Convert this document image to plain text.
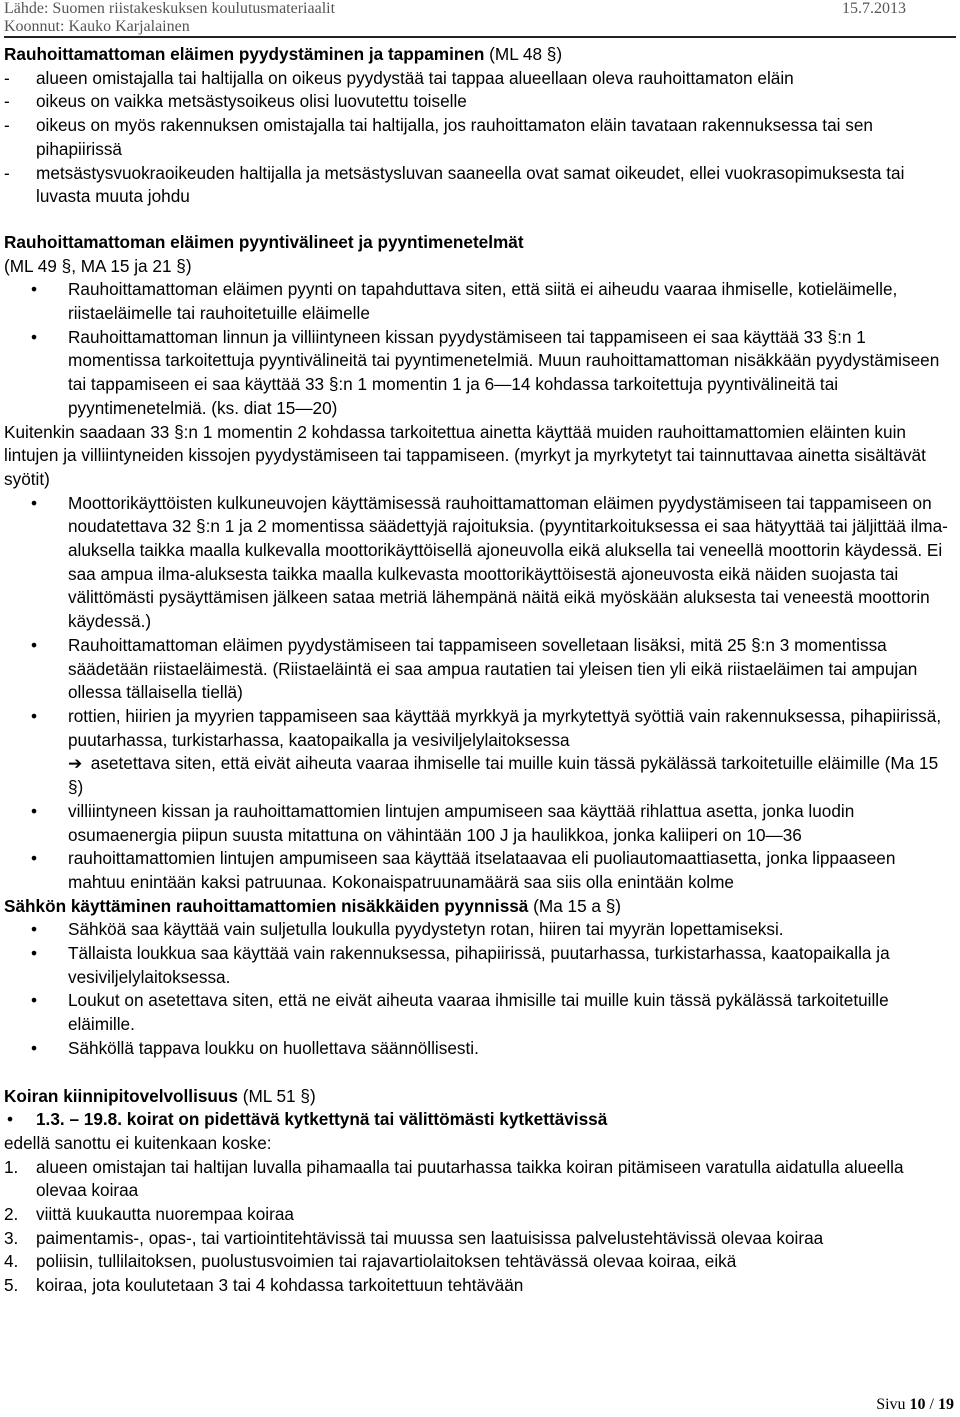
Lähde: Suomen riistakeskuksen koulutusmateriaalit	15.7.2013
Koonnut: Kauko Karjalainen

Rauhoittamattoman eläimen pyydystäminen ja tappaminen (ML 48 §)

- alueen omistajalla tai haltijalla on oikeus pyydystää tai tappaa alueellaan oleva rauhoittamaton eläin
- oikeus on vaikka metsästysoikeus olisi luovutettu toiselle
- oikeus on myös rakennuksen omistajalla tai haltijalla, jos rauhoittamaton eläin tavataan rakennuksessa tai sen pihapiirissä
- metsästysvuokraoikeuden haltijalla ja metsästysluvan saaneella ovat samat oikeudet, ellei vuokrasopimuksesta tai luvasta muuta johdu

Rauhoittamattoman eläimen pyyntivälineet ja pyyntimenetelmät

(ML 49 §, MA 15 ja 21 §)

• Rauhoittamattoman eläimen pyynti on tapahduttava siten, että siitä ei aiheudu vaaraa ihmiselle, kotieläimelle, riistaeläimelle tai rauhoitetuille eläimelle
• Rauhoittamattoman linnun ja villiintyneen kissan pyydystämiseen tai tappamiseen ei saa käyttää 33 §:n 1 momentissa tarkoitettuja pyyntivälineitä tai pyyntimenetelmiä. Muun rauhoittamattoman nisäkkään pyydystämiseen tai tappamiseen ei saa käyttää 33 §:n 1 momentin 1 ja 6—14 kohdassa tarkoitettuja pyyntivälineitä tai pyyntimenetelmiä. (ks. diat 15—20)

Kuitenkin saadaan 33 §:n 1 momentin 2 kohdassa tarkoitettua ainetta käyttää muiden rauhoittamattomien eläinten kuin lintujen ja villiintyneiden kissojen pyydystämiseen tai tappamiseen. (myrkyt ja myrkytetyt tai tainnuttavaa ainetta sisältävät syötit)

• Moottorikäyttöisten kulkuneuvojen käyttämisessä rauhoittamattoman eläimen pyydystämiseen tai tappamiseen on noudatettava 32 §:n 1 ja 2 momentissa säädettyjä rajoituksia. (pyyntitarkoituksessa ei saa hätyyttää tai jäljittää ilma-aluksella taikka maalla kulkevalla moottorikäyttöisellä ajoneuvolla eikä aluksella tai veneellä moottorin käydessä. Ei saa ampua ilma-aluksesta taikka maalla kulkevasta moottorikäyttöisestä ajoneuvosta eikä näiden suojasta tai välittömästi pysäyttämisen jälkeen sataa metriä lähempänä näitä eikä myöskään aluksesta tai veneestä moottorin käydessä.)
• Rauhoittamattoman eläimen pyydystämiseen tai tappamiseen sovelletaan lisäksi, mitä 25 §:n 3 momentissa säädetään riistaeläimestä. (Riistaeläintä ei saa ampua rautatien tai yleisen tien yli eikä riistaeläimen tai ampujan ollessa tällaisella tiellä)
• rottien, hiirien ja myyrien tappamiseen saa käyttää myrkkyä ja myrkytettyä syöttiä vain rakennuksessa, pihapiirissä, puutarhassa, turkistarhassa, kaatopaikalla ja vesiviljelylaitoksessa
➔ asetettava siten, että eivät aiheuta vaaraa ihmiselle tai muille kuin tässä pykälässä tarkoitetuille eläimille (Ma 15 §)
• villiintyneen kissan ja rauhoittamattomien lintujen ampumiseen saa käyttää rihlattua asetta, jonka luodin osumaenergia piipun suusta mitattuna on vähintään 100 J ja haulikkoa, jonka kaliiperi on 10—36
• rauhoittamattomien lintujen ampumiseen saa käyttää itselataavaa eli puoliautomaattiasetta, jonka lippaaseen mahtuu enintään kaksi patruunaa. Kokonaispatruunamäärä saa siis olla enintään kolme

Sähkön käyttäminen rauhoittamattomien nisäkkäiden pyynnissä (Ma 15 a §)

• Sähköä saa käyttää vain suljetulla loukulla pyydystetyn rotan, hiiren tai myyrän lopettamiseksi.
• Tällaista loukkua saa käyttää vain rakennuksessa, pihapiirissä, puutarhassa, turkistarhassa, kaatopaikalla ja vesiviljelylaitoksessa.
• Loukut on asetettava siten, että ne eivät aiheuta vaaraa ihmisille tai muille kuin tässä pykälässä tarkoitetuille eläimille.
• Sähköllä tappava loukku on huollettava säännöllisesti.

Koiran kiinnipitovelvollisuus (ML 51 §)

• 1.3. – 19.8. koirat on pidettävä kytkettynä tai välittömästi kytkettävissä

edellä sanottu ei kuitenkaan koske:

1. alueen omistajan tai haltijan luvalla pihamaalla tai puutarhassa taikka koiran pitämiseen varatulla aidatulla alueella olevaa koiraa
2. viittä kuukautta nuorempaa koiraa
3. paimentamis-, opas-, tai vartiointitehtävissä tai muussa sen laatuisissa palvelustehtävissä olevaa koiraa
4. poliisin, tullilaitoksen, puolustusvoimien tai rajavartiolaitoksen tehtävässä olevaa koiraa, eikä
5. koiraa, jota koulutetaan 3 tai 4 kohdassa tarkoitettuun tehtävään
Sivu 10 / 19
